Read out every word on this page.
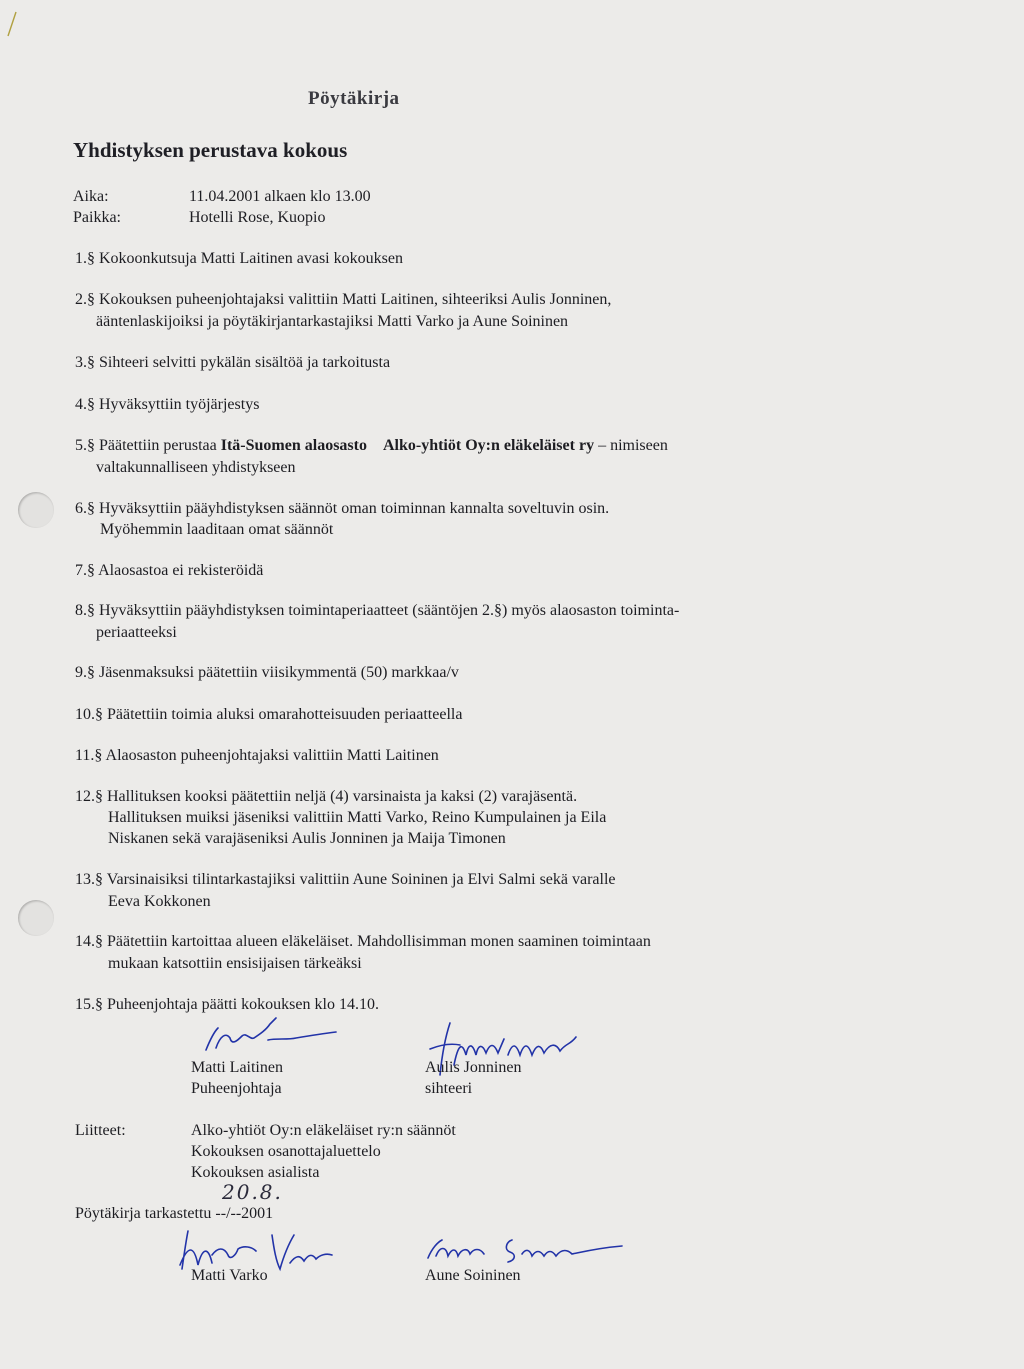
Pöytäkirja
Yhdistyksen perustava kokous
Aika:	11.04.2001 alkaen klo 13.00
Paikka:	Hotelli Rose, Kuopio
1.§ Kokoonkutsuja Matti Laitinen avasi kokouksen
2.§ Kokouksen puheenjohtajaksi valittiin Matti Laitinen, sihteeriksi Aulis Jonninen,
ääntenlaskijoiksi ja pöytäkirjantarkastajiksi Matti Varko ja Aune Soininen
3.§ Sihteeri selvitti pykälän sisältöä ja tarkoitusta
4.§ Hyväksyttiin työjärjestys
5.§ Päätettiin perustaa Itä-Suomen alaosasto Alko-yhtiöt Oy:n eläkeläiset ry – nimiseen
valtakunnalliseen yhdistykseen
6.§ Hyväksyttiin pääyhdistyksen säännöt oman toiminnan kannalta soveltuvin osin.
Myöhemmin laaditaan omat säännöt
7.§ Alaosastoa ei rekisteröidä
8.§ Hyväksyttiin pääyhdistyksen toimintaperiaatteet (sääntöjen 2.§) myös alaosaston toiminta-
periaatteeksi
9.§ Jäsenmaksuksi päätettiin viisikymmentä (50) markkaa/v
10.§ Päätettiin toimia aluksi omarahotteisuuden periaatteella
11.§ Alaosaston puheenjohtajaksi valittiin Matti Laitinen
12.§ Hallituksen kooksi päätettiin neljä (4) varsinaista ja kaksi (2) varajäsentä.
Hallituksen muiksi jäseniksi valittiin Matti Varko, Reino Kumpulainen ja Eila
Niskanen sekä varajäseniksi Aulis Jonninen ja Maija Timonen
13.§ Varsinaisiksi tilintarkastajiksi valittiin Aune Soininen ja Elvi Salmi sekä varalle
Eeva Kokkonen
14.§ Päätettiin kartoittaa alueen eläkeläiset. Mahdollisimman monen saaminen toimintaan
mukaan katsottiin ensisijaisen tärkeäksi
15.§ Puheenjohtaja päätti kokouksen klo 14.10.
Matti Laitinen
Puheenjohtaja
Aulis Jonninen
sihteeri
Liitteet:	Alko-yhtiöt Oy:n eläkeläiset ry:n säännöt
Kokouksen osanottajaluettelo
Kokouksen asialista
Pöytäkirja tarkastettu --/--2001
20.8.
Matti Varko	Aune Soininen
